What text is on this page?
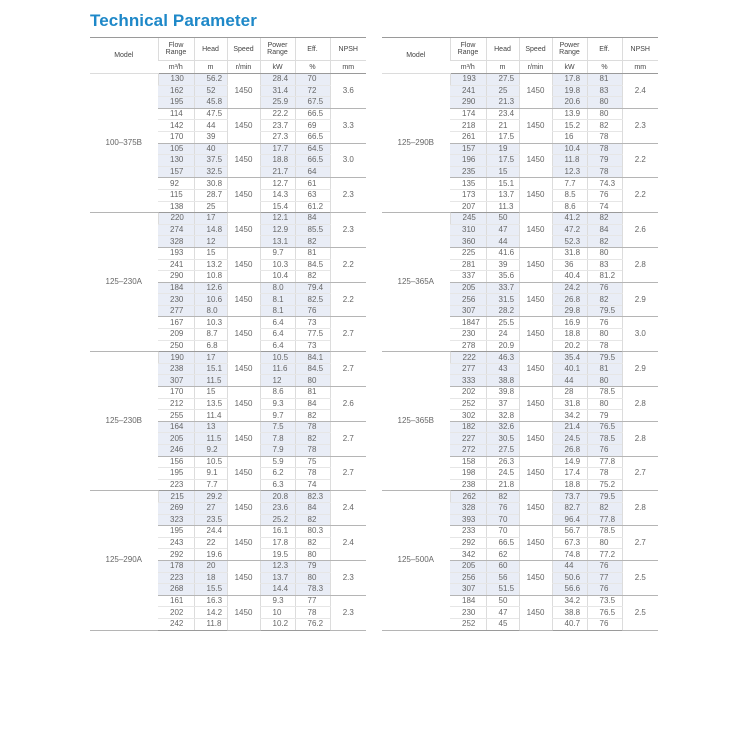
Technical Parameter
Model	Flow
Range	Head	Speed	Power
Range	Eff.	NPSH
	m³/h	m	r/min	kW	%	mm
100–375B	130	56.2	1450	28.4	70	3.6
	162	52		31.4	72	
	195	45.8		25.9	67.5	
	114	47.5	1450	22.2	66.5	3.3
	142	44		23.7	69	
	170	39		27.3	66.5	
	105	40	1450	17.7	64.5	3.0
	130	37.5		18.8	66.5	
	157	32.5		21.7	64	
	92	30.8	1450	12.7	61	2.3
	115	28.7		14.3	63	
	138	25		15.4	61.2	
125–230A	220	17	1450	12.1	84	2.3
	274	14.8		12.9	85.5	
	328	12		13.1	82	
	193	15	1450	9.7	81	2.2
	241	13.2		10.3	84.5	
	290	10.8		10.4	82	
	184	12.6	1450	8.0	79.4	2.2
	230	10.6		8.1	82.5	
	277	8.0		8.1	76	
	167	10.3	1450	6.4	73	2.7
	209	8.7		6.4	77.5	
	250	6.8		6.4	73	
125–230B	190	17	1450	10.5	84.1	2.7
	238	15.1		11.6	84.5	
	307	11.5		12	80	
	170	15	1450	8.6	81	2.6
	212	13.5		9.3	84	
	255	11.4		9.7	82	
	164	13	1450	7.5	78	2.7
	205	11.5		7.8	82	
	246	9.2		7.9	78	
	156	10.5	1450	5.9	75	2.7
	195	9.1		6.2	78	
	223	7.7		6.3	74	
125–290A	215	29.2	1450	20.8	82.3	2.4
	269	27		23.6	84	
	323	23.5		25.2	82	
	195	24.4	1450	16.1	80.3	2.4
	243	22		17.8	82	
	292	19.6		19.5	80	
	178	20	1450	12.3	79	2.3
	223	18		13.7	80	
	268	15.5		14.4	78.3	
	161	16.3	1450	9.3	77	2.3
	202	14.2		10	78	
	242	11.8		10.2	76.2	
Model	Flow
Range	Head	Speed	Power
Range	Eff.	NPSH
	m³/h	m	r/min	kW	%	mm
125–290B	193	27.5	1450	17.8	81	2.4
	241	25		19.8	83	
	290	21.3		20.6	80	
	174	23.4	1450	13.9	80	2.3
	218	21		15.2	82	
	261	17.5		16	78	
	157	19	1450	10.4	78	2.2
	196	17.5		11.8	79	
	235	15		12.3	78	
	135	15.1	1450	7.7	74.3	2.2
	173	13.7		8.5	76	
	207	11.3		8.6	74	
125–365A	245	50	1450	41.2	82	2.6
	310	47		47.2	84	
	360	44		52.3	82	
	225	41.6	1450	31.8	80	2.8
	281	39		36	83	
	337	35.6		40.4	81.2	
	205	33.7	1450	24.2	76	2.9
	256	31.5		26.8	82	
	307	28.2		29.8	79.5	
	1847	25.5	1450	16.9	76	3.0
	230	24		18.8	80	
	278	20.9		20.2	78	
125–365B	222	46.3	1450	35.4	79.5	2.9
	277	43		40.1	81	
	333	38.8		44	80	
	202	39.8	1450	28	78.5	2.8
	252	37		31.8	80	
	302	32.8		34.2	79	
	182	32.6	1450	21.4	76.5	2.8
	227	30.5		24.5	78.5	
	272	27.5		26.8	76	
	158	26.3	1450	14.9	77.8	2.7
	198	24.5		17.4	78	
	238	21.8		18.8	75.2	
125–500A	262	82	1450	73.7	79.5	2.8
	328	76		82.7	82	
	393	70		96.4	77.8	
	233	70	1450	56.7	78.5	2.7
	292	66.5		67.3	80	
	342	62		74.8	77.2	
	205	60	1450	44	76	2.5
	256	56		50.6	77	
	307	51.5		56.6	76	
	184	50	1450	34.2	73.5	2.5
	230	47		38.8	76.5	
	252	45		40.7	76	
